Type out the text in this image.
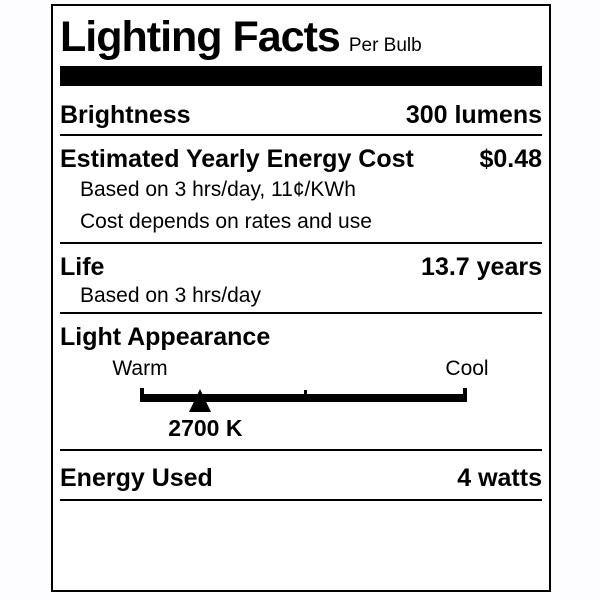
Lighting Facts Per Bulb
Brightness	300 lumens
Estimated Yearly Energy Cost	$0.48
Based on 3 hrs/day, 11¢/KWh
Cost depends on rates and use
Life	13.7 years
Based on 3 hrs/day
Light Appearance
Warm	Cool
2700 K
Energy Used	4 watts
